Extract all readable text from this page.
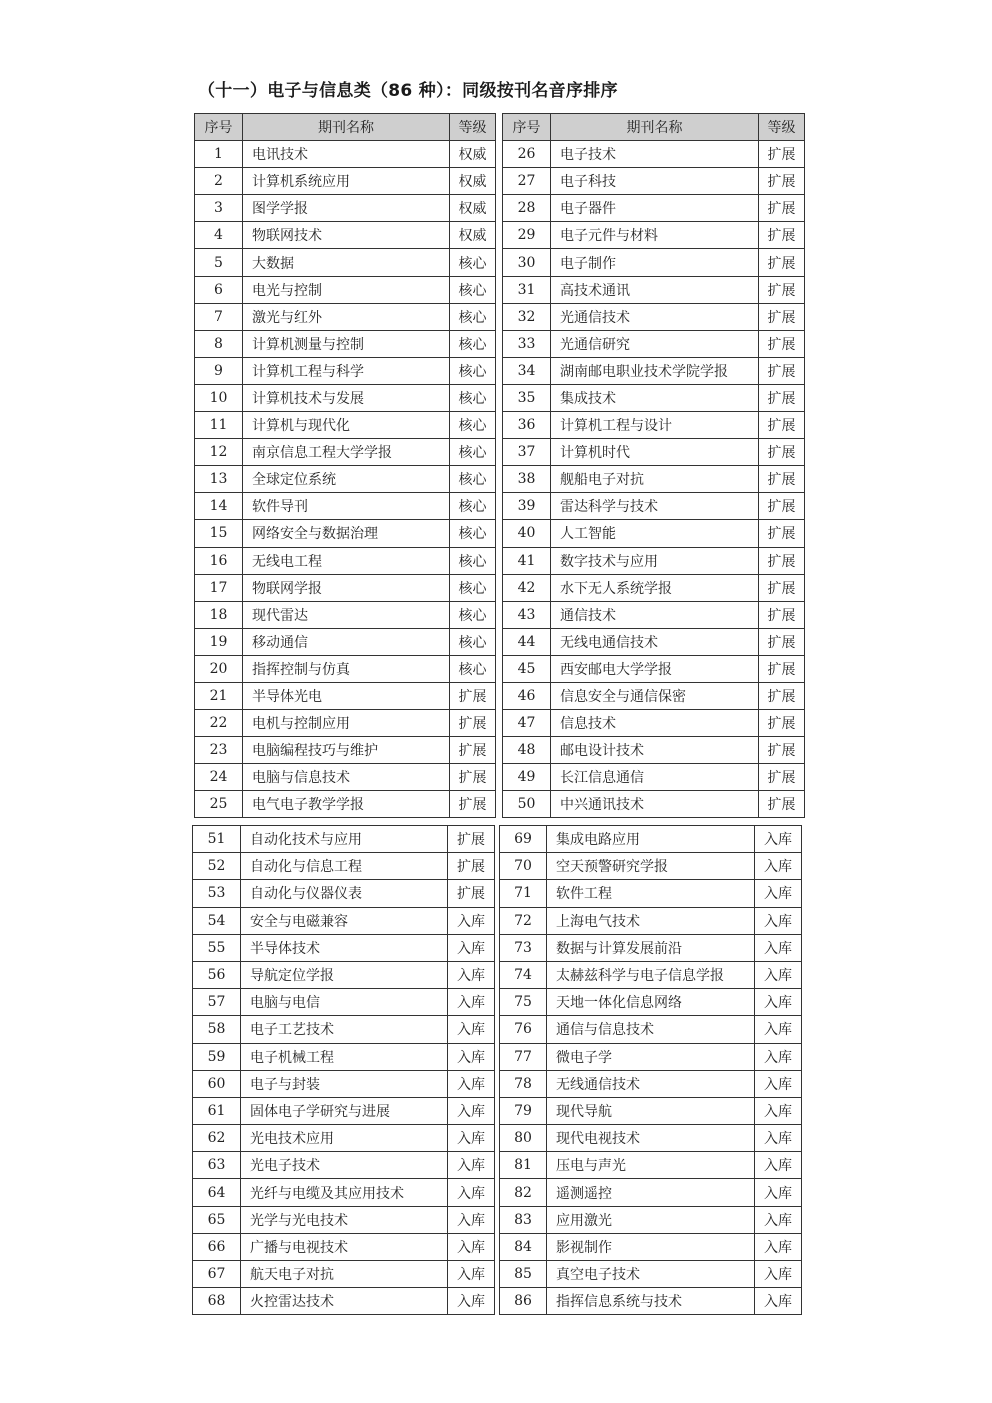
（十一）电子与信息类（86 种）：同级按刊名音序排序
序号	期刊名称	等级		序号	期刊名称	等级
1	电讯技术	权威		26	电子技术	扩展
2	计算机系统应用	权威		27	电子科技	扩展
3	图学学报	权威		28	电子器件	扩展
4	物联网技术	权威		29	电子元件与材料	扩展
5	大数据	核心		30	电子制作	扩展
6	电光与控制	核心		31	高技术通讯	扩展
7	激光与红外	核心		32	光通信技术	扩展
8	计算机测量与控制	核心		33	光通信研究	扩展
9	计算机工程与科学	核心		34	湖南邮电职业技术学院学报	扩展
10	计算机技术与发展	核心		35	集成技术	扩展
11	计算机与现代化	核心		36	计算机工程与设计	扩展
12	南京信息工程大学学报	核心		37	计算机时代	扩展
13	全球定位系统	核心		38	舰船电子对抗	扩展
14	软件导刊	核心		39	雷达科学与技术	扩展
15	网络安全与数据治理	核心		40	人工智能	扩展
16	无线电工程	核心		41	数字技术与应用	扩展
17	物联网学报	核心		42	水下无人系统学报	扩展
18	现代雷达	核心		43	通信技术	扩展
19	移动通信	核心		44	无线电通信技术	扩展
20	指挥控制与仿真	核心		45	西安邮电大学学报	扩展
21	半导体光电	扩展		46	信息安全与通信保密	扩展
22	电机与控制应用	扩展		47	信息技术	扩展
23	电脑编程技巧与维护	扩展		48	邮电设计技术	扩展
24	电脑与信息技术	扩展		49	长江信息通信	扩展
25	电气电子教学学报	扩展		50	中兴通讯技术	扩展
51	自动化技术与应用	扩展		69	集成电路应用	入库
52	自动化与信息工程	扩展		70	空天预警研究学报	入库
53	自动化与仪器仪表	扩展		71	软件工程	入库
54	安全与电磁兼容	入库		72	上海电气技术	入库
55	半导体技术	入库		73	数据与计算发展前沿	入库
56	导航定位学报	入库		74	太赫兹科学与电子信息学报	入库
57	电脑与电信	入库		75	天地一体化信息网络	入库
58	电子工艺技术	入库		76	通信与信息技术	入库
59	电子机械工程	入库		77	微电子学	入库
60	电子与封装	入库		78	无线通信技术	入库
61	固体电子学研究与进展	入库		79	现代导航	入库
62	光电技术应用	入库		80	现代电视技术	入库
63	光电子技术	入库		81	压电与声光	入库
64	光纤与电缆及其应用技术	入库		82	遥测遥控	入库
65	光学与光电技术	入库		83	应用激光	入库
66	广播与电视技术	入库		84	影视制作	入库
67	航天电子对抗	入库		85	真空电子技术	入库
68	火控雷达技术	入库		86	指挥信息系统与技术	入库
